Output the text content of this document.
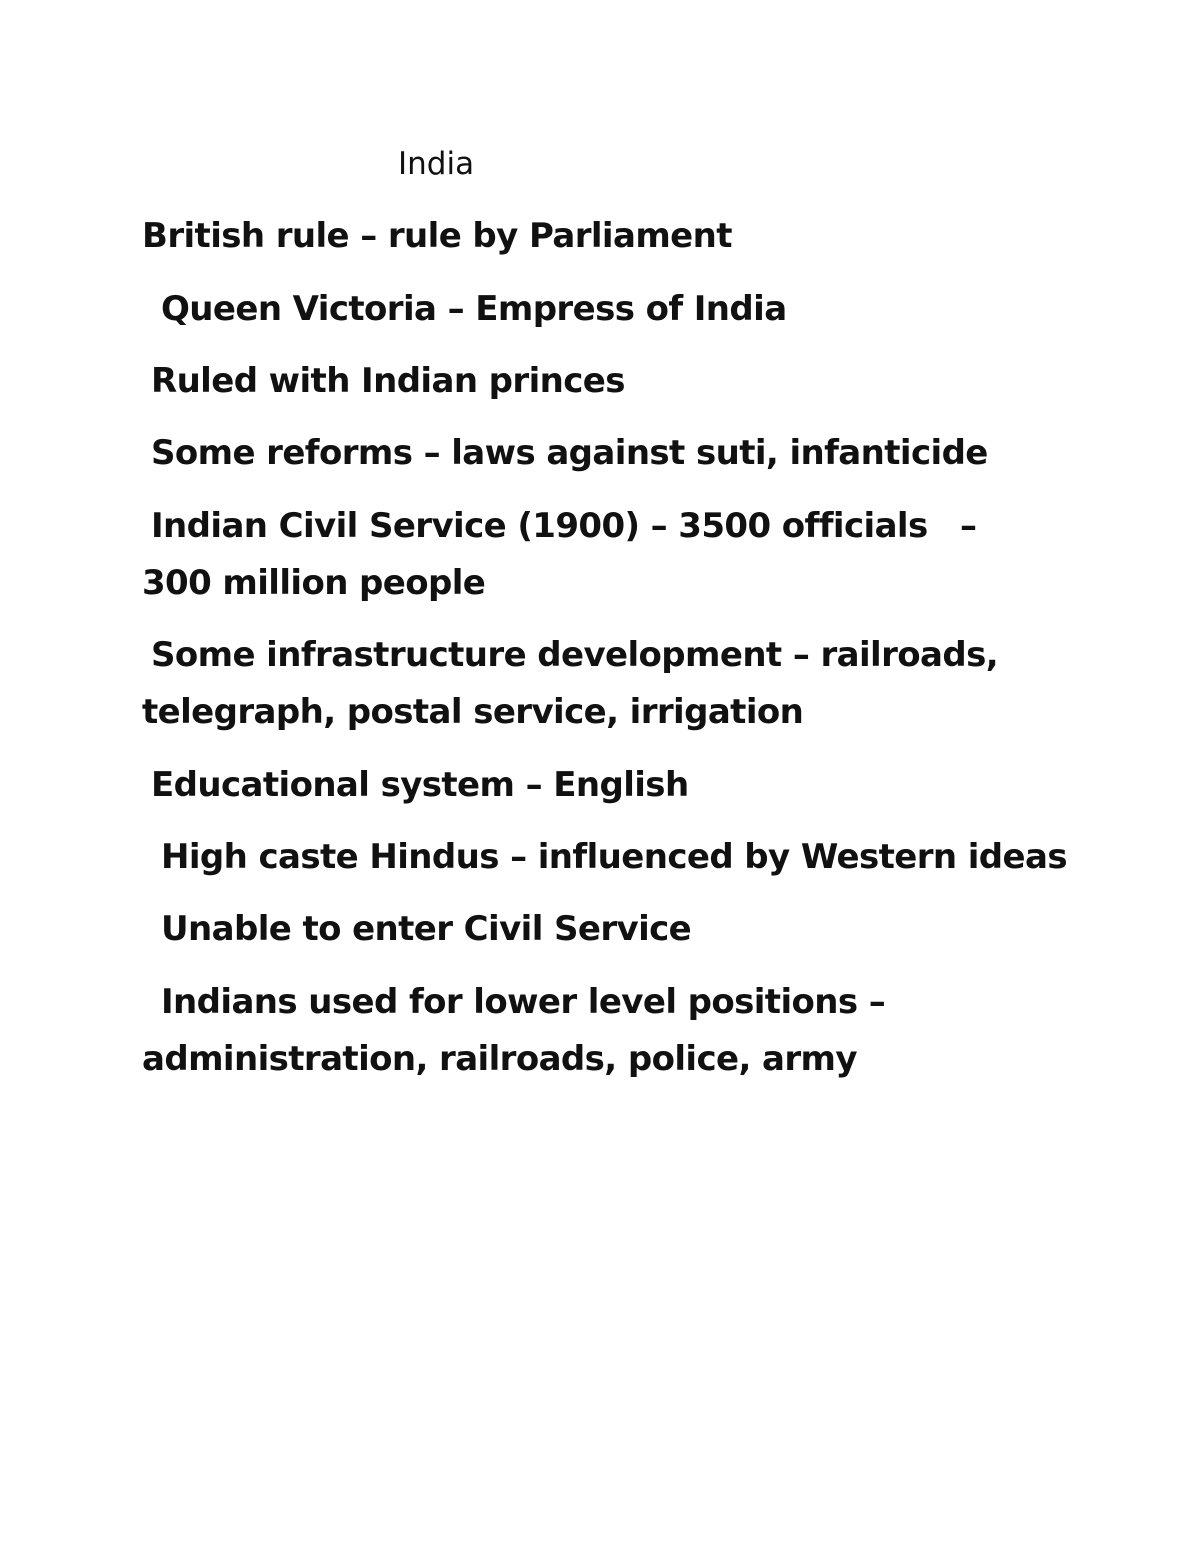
India
British rule – rule by Parliament
Queen Victoria – Empress of India
Ruled with Indian princes
Some reforms – laws against suti, infanticide
Indian Civil Service (1900) – 3500 officials –
300 million people
Some infrastructure development – railroads,
telegraph, postal service, irrigation
Educational system – English
High caste Hindus – influenced by Western ideas
Unable to enter Civil Service
Indians used for lower level positions –
administration, railroads, police, army
